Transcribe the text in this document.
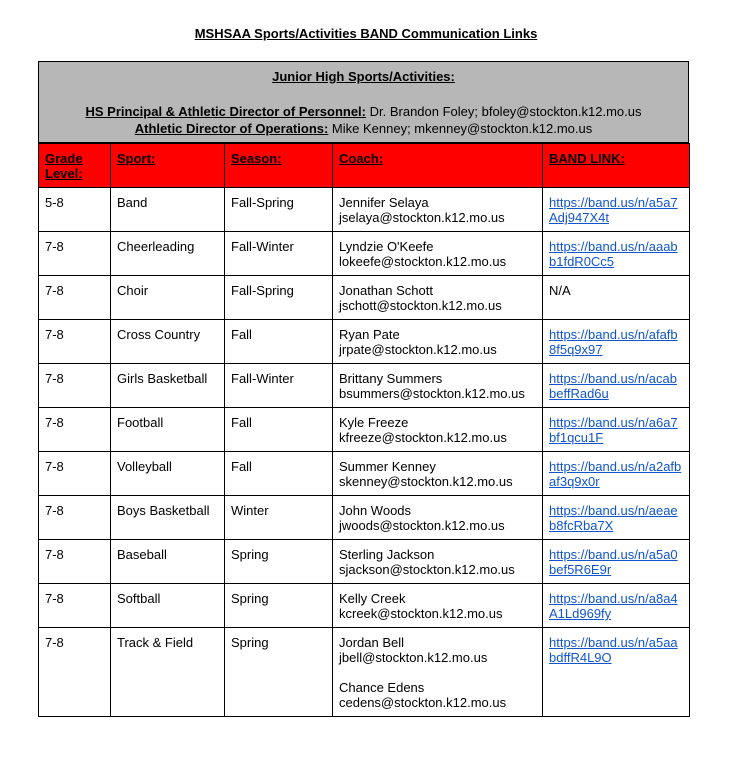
MSHSAA Sports/Activities BAND Communication Links
Junior High Sports/Activities:
HS Principal & Athletic Director of Personnel: Dr. Brandon Foley; bfoley@stockton.k12.mo.us
Athletic Director of Operations: Mike Kenney; mkenney@stockton.k12.mo.us
Grade Level:	Sport:	Season:	Coach:	BAND LINK:
5-8	Band	Fall-Spring	Jennifer Selaya
jselaya@stockton.k12.mo.us	https://band.us/n/a5a7Adj947X4t
7-8	Cheerleading	Fall-Winter	Lyndzie O'Keefe
lokeefe@stockton.k12.mo.us	https://band.us/n/aaabb1fdR0Cc5
7-8	Choir	Fall-Spring	Jonathan Schott
jschott@stockton.k12.mo.us	N/A
7-8	Cross Country	Fall	Ryan Pate
jrpate@stockton.k12.mo.us	https://band.us/n/afafb8f5q9x97
7-8	Girls Basketball	Fall-Winter	Brittany Summers
bsummers@stockton.k12.mo.us	https://band.us/n/acabbeffRad6u
7-8	Football	Fall	Kyle Freeze
kfreeze@stockton.k12.mo.us	https://band.us/n/a6a7bf1qcu1F
7-8	Volleyball	Fall	Summer Kenney
skenney@stockton.k12.mo.us	https://band.us/n/a2afbaf3q9x0r
7-8	Boys Basketball	Winter	John Woods
jwoods@stockton.k12.mo.us	https://band.us/n/aeaeb8fcRba7X
7-8	Baseball	Spring	Sterling Jackson
sjackson@stockton.k12.mo.us	https://band.us/n/a5a0bef5R6E9r
7-8	Softball	Spring	Kelly Creek
kcreek@stockton.k12.mo.us	https://band.us/n/a8a4A1Ld969fy
7-8	Track & Field	Spring	Jordan Bell
jbell@stockton.k12.mo.us
Chance Edens
cedens@stockton.k12.mo.us	https://band.us/n/a5aabdffR4L9O
